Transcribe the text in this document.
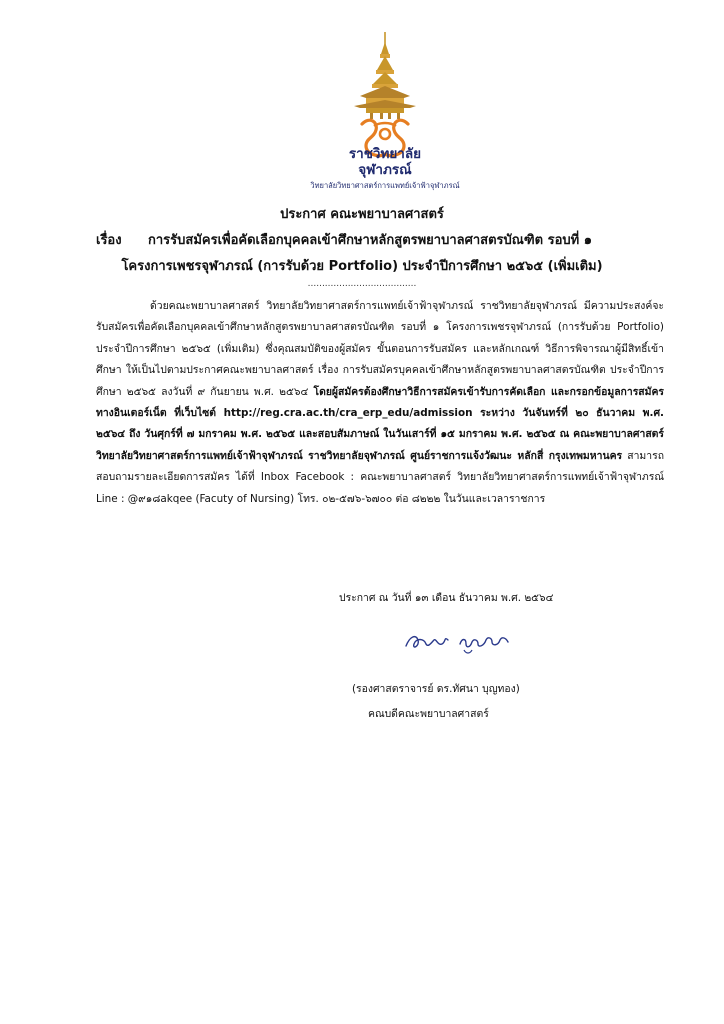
ราชวิทยาลัย
จุฬาภรณ์
วิทยาลัยวิทยาศาสตร์การแพทย์เจ้าฟ้าจุฬาภรณ์
ประกาศ คณะพยาบาลศาสตร์
เรื่อง การรับสมัครเพื่อคัดเลือกบุคคลเข้าศึกษาหลักสูตรพยาบาลศาสตรบัณฑิต รอบที่ ๑
โครงการเพชรจุฬาภรณ์ (การรับด้วย Portfolio) ประจำปีการศึกษา ๒๕๖๕ (เพิ่มเติม)
......................................
ด้วยคณะพยาบาลศาสตร์ วิทยาลัยวิทยาศาสตร์การแพทย์เจ้าฟ้าจุฬาภรณ์ ราชวิทยาลัยจุฬาภรณ์ มีความประสงค์จะรับสมัครเพื่อคัดเลือกบุคคลเข้าศึกษาหลักสูตรพยาบาลศาสตรบัณฑิต รอบที่ ๑ โครงการเพชรจุฬาภรณ์ (การรับด้วย Portfolio) ประจำปีการศึกษา ๒๕๖๕ (เพิ่มเติม) ซึ่งคุณสมบัติของผู้สมัคร ขั้นตอนการรับสมัคร และหลักเกณฑ์ วิธีการพิจารณาผู้มีสิทธิ์เข้าศึกษา ให้เป็นไปตามประกาศคณะพยาบาลศาสตร์ เรื่อง การรับสมัครบุคคลเข้าศึกษาหลักสูตรพยาบาลศาสตรบัณฑิต ประจำปีการศึกษา ๒๕๖๕ ลงวันที่ ๙ กันยายน พ.ศ. ๒๕๖๔ โดยผู้สมัครต้องศึกษาวิธีการสมัครเข้ารับการคัดเลือก และกรอกข้อมูลการสมัครทางอินเตอร์เน็ต ที่เว็บไซต์ http://reg.cra.ac.th/cra_erp_edu/admission ระหว่าง วันจันทร์ที่ ๒๐ ธันวาคม พ.ศ. ๒๕๖๔ ถึง วันศุกร์ที่ ๗ มกราคม พ.ศ. ๒๕๖๕ และสอบสัมภาษณ์ ในวันเสาร์ที่ ๑๕ มกราคม พ.ศ. ๒๕๖๕ ณ คณะพยาบาลศาสตร์ วิทยาลัยวิทยาศาสตร์การแพทย์เจ้าฟ้าจุฬาภรณ์ ราชวิทยาลัยจุฬาภรณ์ ศูนย์ราชการแจ้งวัฒนะ หลักสี่ กรุงเทพมหานคร สามารถสอบถามรายละเอียดการสมัคร ได้ที่ Inbox Facebook : คณะพยาบาลศาสตร์ วิทยาลัยวิทยาศาสตร์การแพทย์เจ้าฟ้าจุฬาภรณ์ Line : @๙๑๘akqee (Facuty of Nursing) โทร. ๐๒-๕๗๖-๖๗๐๐ ต่อ ๘๒๒๒ ในวันและเวลาราชการ
ประกาศ ณ วันที่ ๑๓ เดือน ธันวาคม พ.ศ. ๒๕๖๔
(รองศาสตราจารย์ ดร.ทัศนา บุญทอง)
คณบดีคณะพยาบาลศาสตร์
